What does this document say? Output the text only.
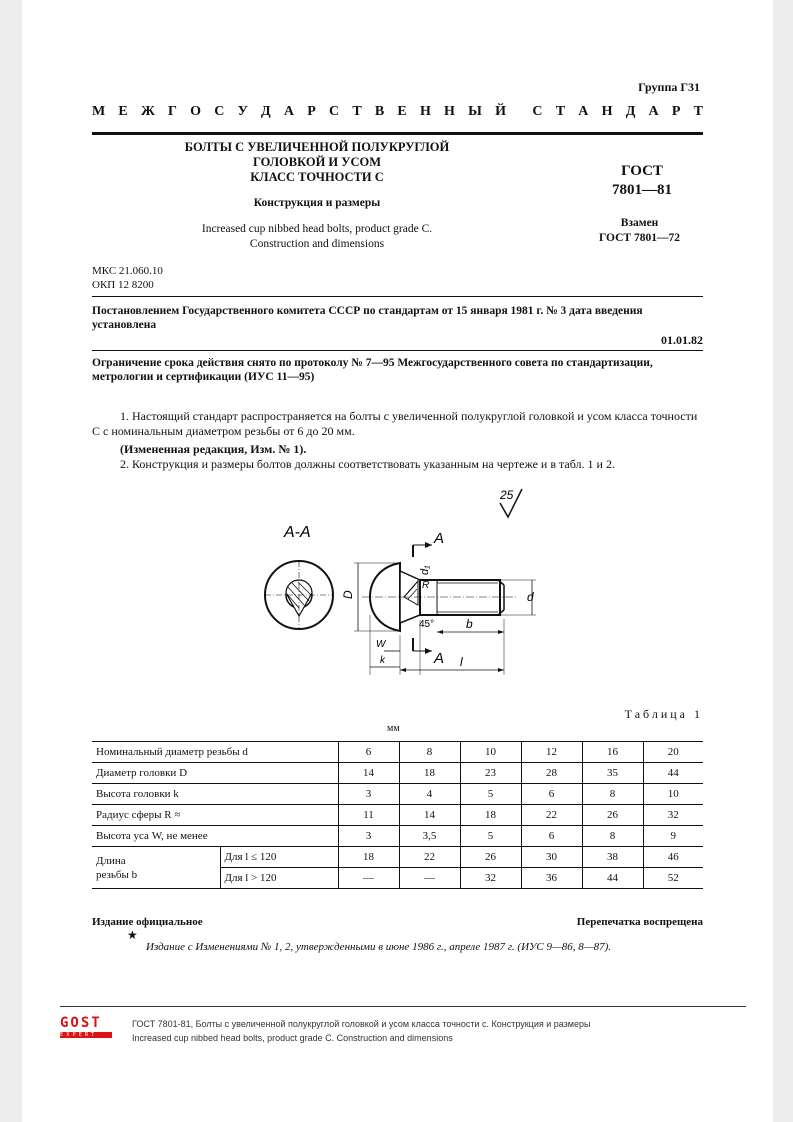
Группа Г31
М Е Ж Г О С У Д А Р С Т В Е Н Н Ы Й С Т А Н Д А Р Т
БОЛТЫ С УВЕЛИЧЕННОЙ ПОЛУКРУГЛОЙ
ГОЛОВКОЙ И УСОМ
КЛАСС ТОЧНОСТИ С
Конструкция и размеры
Increased cup nibbed head bolts, product grade C.
Construction and dimensions
ГОСТ
7801—81
Взамен
ГОСТ 7801—72
МКС 21.060.10
ОКП 12 8200
Постановлением Государственного комитета СССР по стандартам от 15 января 1981 г. № 3 дата введения установлена
01.01.82
Ограничение срока действия снято по протоколу № 7—95 Межгосударственного совета по стандартизации, метрологии и сертификации (ИУС 11—95)
1. Настоящий стандарт распространяется на болты с увеличенной полукруглой головкой и усом класса точности С с номинальным диаметром резьбы от 6 до 20 мм.
(Измененная редакция, Изм. № 1).
2. Конструкция и размеры болтов должны соответствовать указанным на чертеже и в табл. 1 и 2.
25
А-А	А
А
D
d₁
R
d
45°	b
W
k	l
Таблица 1
мм
Номинальный диаметр резьбы d		6	8	10	12	16	20
Диаметр головки D		14	18	23	28	35	44
Высота головки k		3	4	5	6	8	10
Радиус сферы R ≈		11	14	18	22	26	32
Высота уса W, не менее		3	3,5	5	6	8	9

Длина
резьбы b	Для l ≤ 120	18	22	26	30	38	46
	Для l > 120	—	—	32	36	44	52
Издание официальное	Перепечатка воспрещена
★
Издание с Изменениями № 1, 2, утвержденными в июне 1986 г., апреле 1987 г. (ИУС 9—86, 8—87).
GOST
EXPERT
ГОСТ 7801-81, Болты с увеличенной полукруглой головкой и усом класса точности с. Конструкция и размеры
Increased cup nibbed head bolts, product grade C. Construction and dimensions
